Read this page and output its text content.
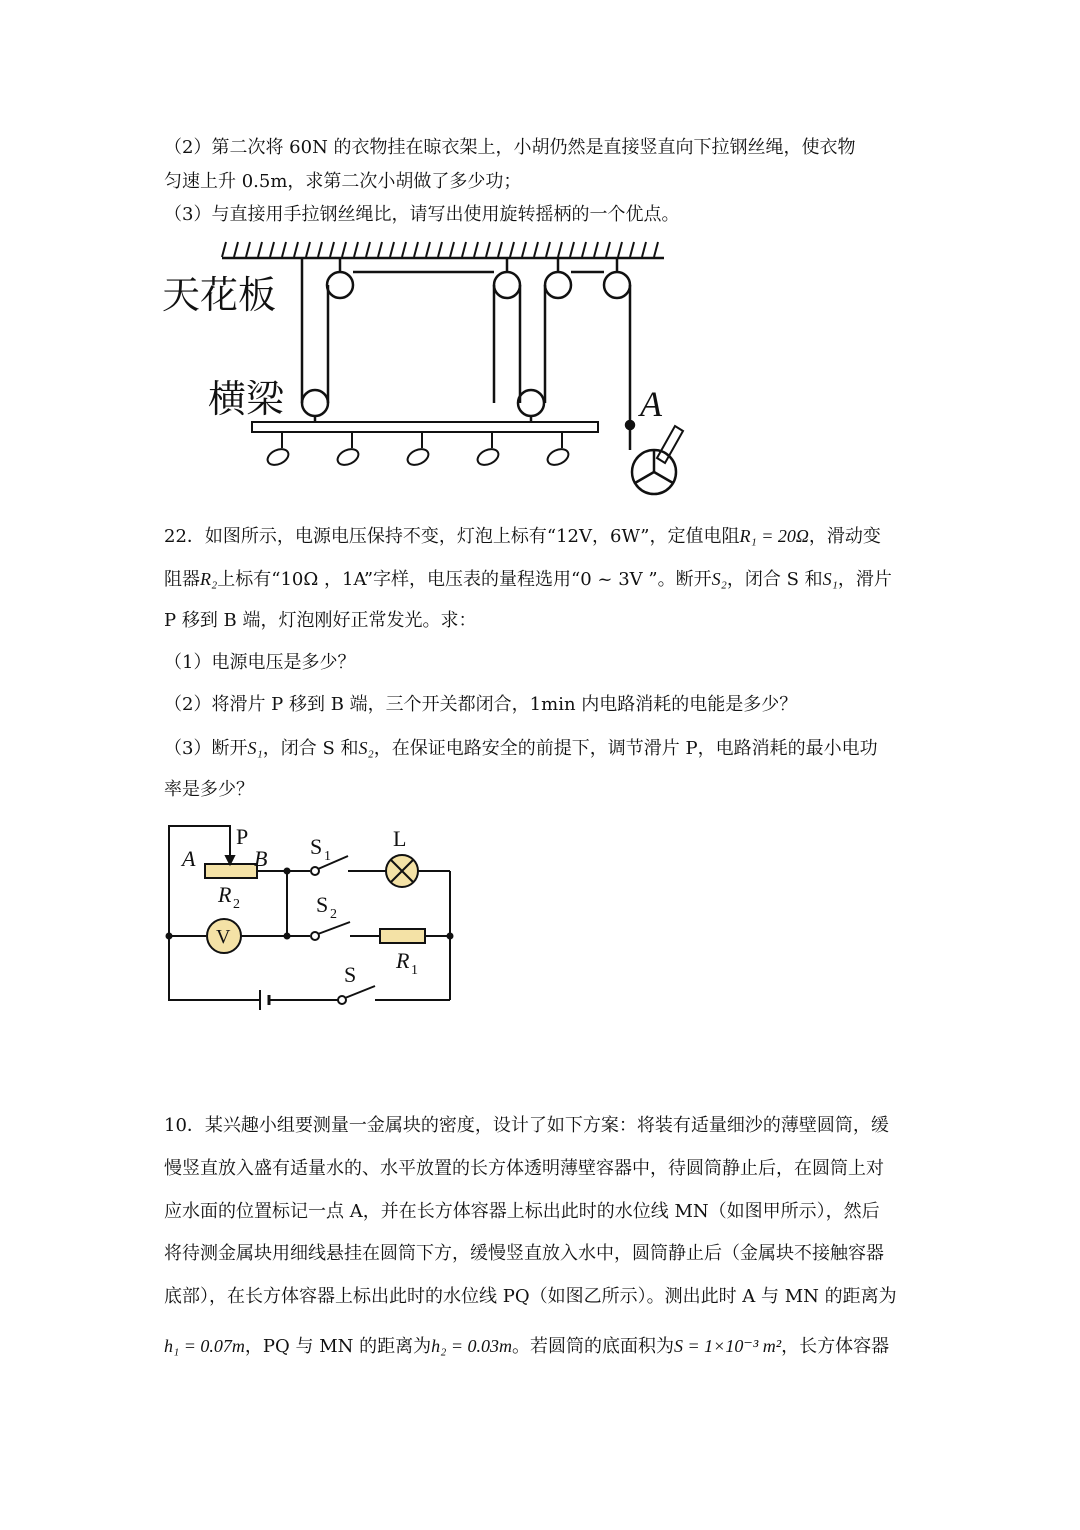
（2）第二次将 60N 的衣物挂在晾衣架上，小胡仍然是直接竖直向下拉钢丝绳，使衣物
匀速上升 0.5m，求第二次小胡做了多少功；
（3）与直接用手拉钢丝绳比，请写出使用旋转摇柄的一个优点。
天花板
横梁	A
22．如图所示，电源电压保持不变，灯泡上标有“12V，6W”，定值电阻R₁ = 20Ω，滑动变
阻器R₂上标有“10Ω ，1A”字样，电压表的量程选用“0 ~ 3V ”。断开S₂，闭合 S 和S₁，滑片
P 移到 B 端，灯泡刚好正常发光。求：
（1）电源电压是多少？
（2）将滑片 P 移到 B 端，三个开关都闭合，1min 内电路消耗的电能是多少？
（3）断开S₁，闭合 S 和S₂，在保证电路安全的前提下，调节滑片 P，电路消耗的最小电功
率是多少？
P
A	B
R 2
S 1
L
S 2
V
R 1
S
10．某兴趣小组要测量一金属块的密度，设计了如下方案：将装有适量细沙的薄壁圆筒，缓
慢竖直放入盛有适量水的、水平放置的长方体透明薄壁容器中，待圆筒静止后，在圆筒上对
应水面的位置标记一点 A，并在长方体容器上标出此时的水位线 MN（如图甲所示），然后
将待测金属块用细线悬挂在圆筒下方，缓慢竖直放入水中，圆筒静止后（金属块不接触容器
底部），在长方体容器上标出此时的水位线 PQ（如图乙所示）。测出此时 A 与 MN 的距离为
h₁ = 0.07m，PQ 与 MN 的距离为h₂ = 0.03m。若圆筒的底面积为S = 1×10⁻³ m²，长方体容器
